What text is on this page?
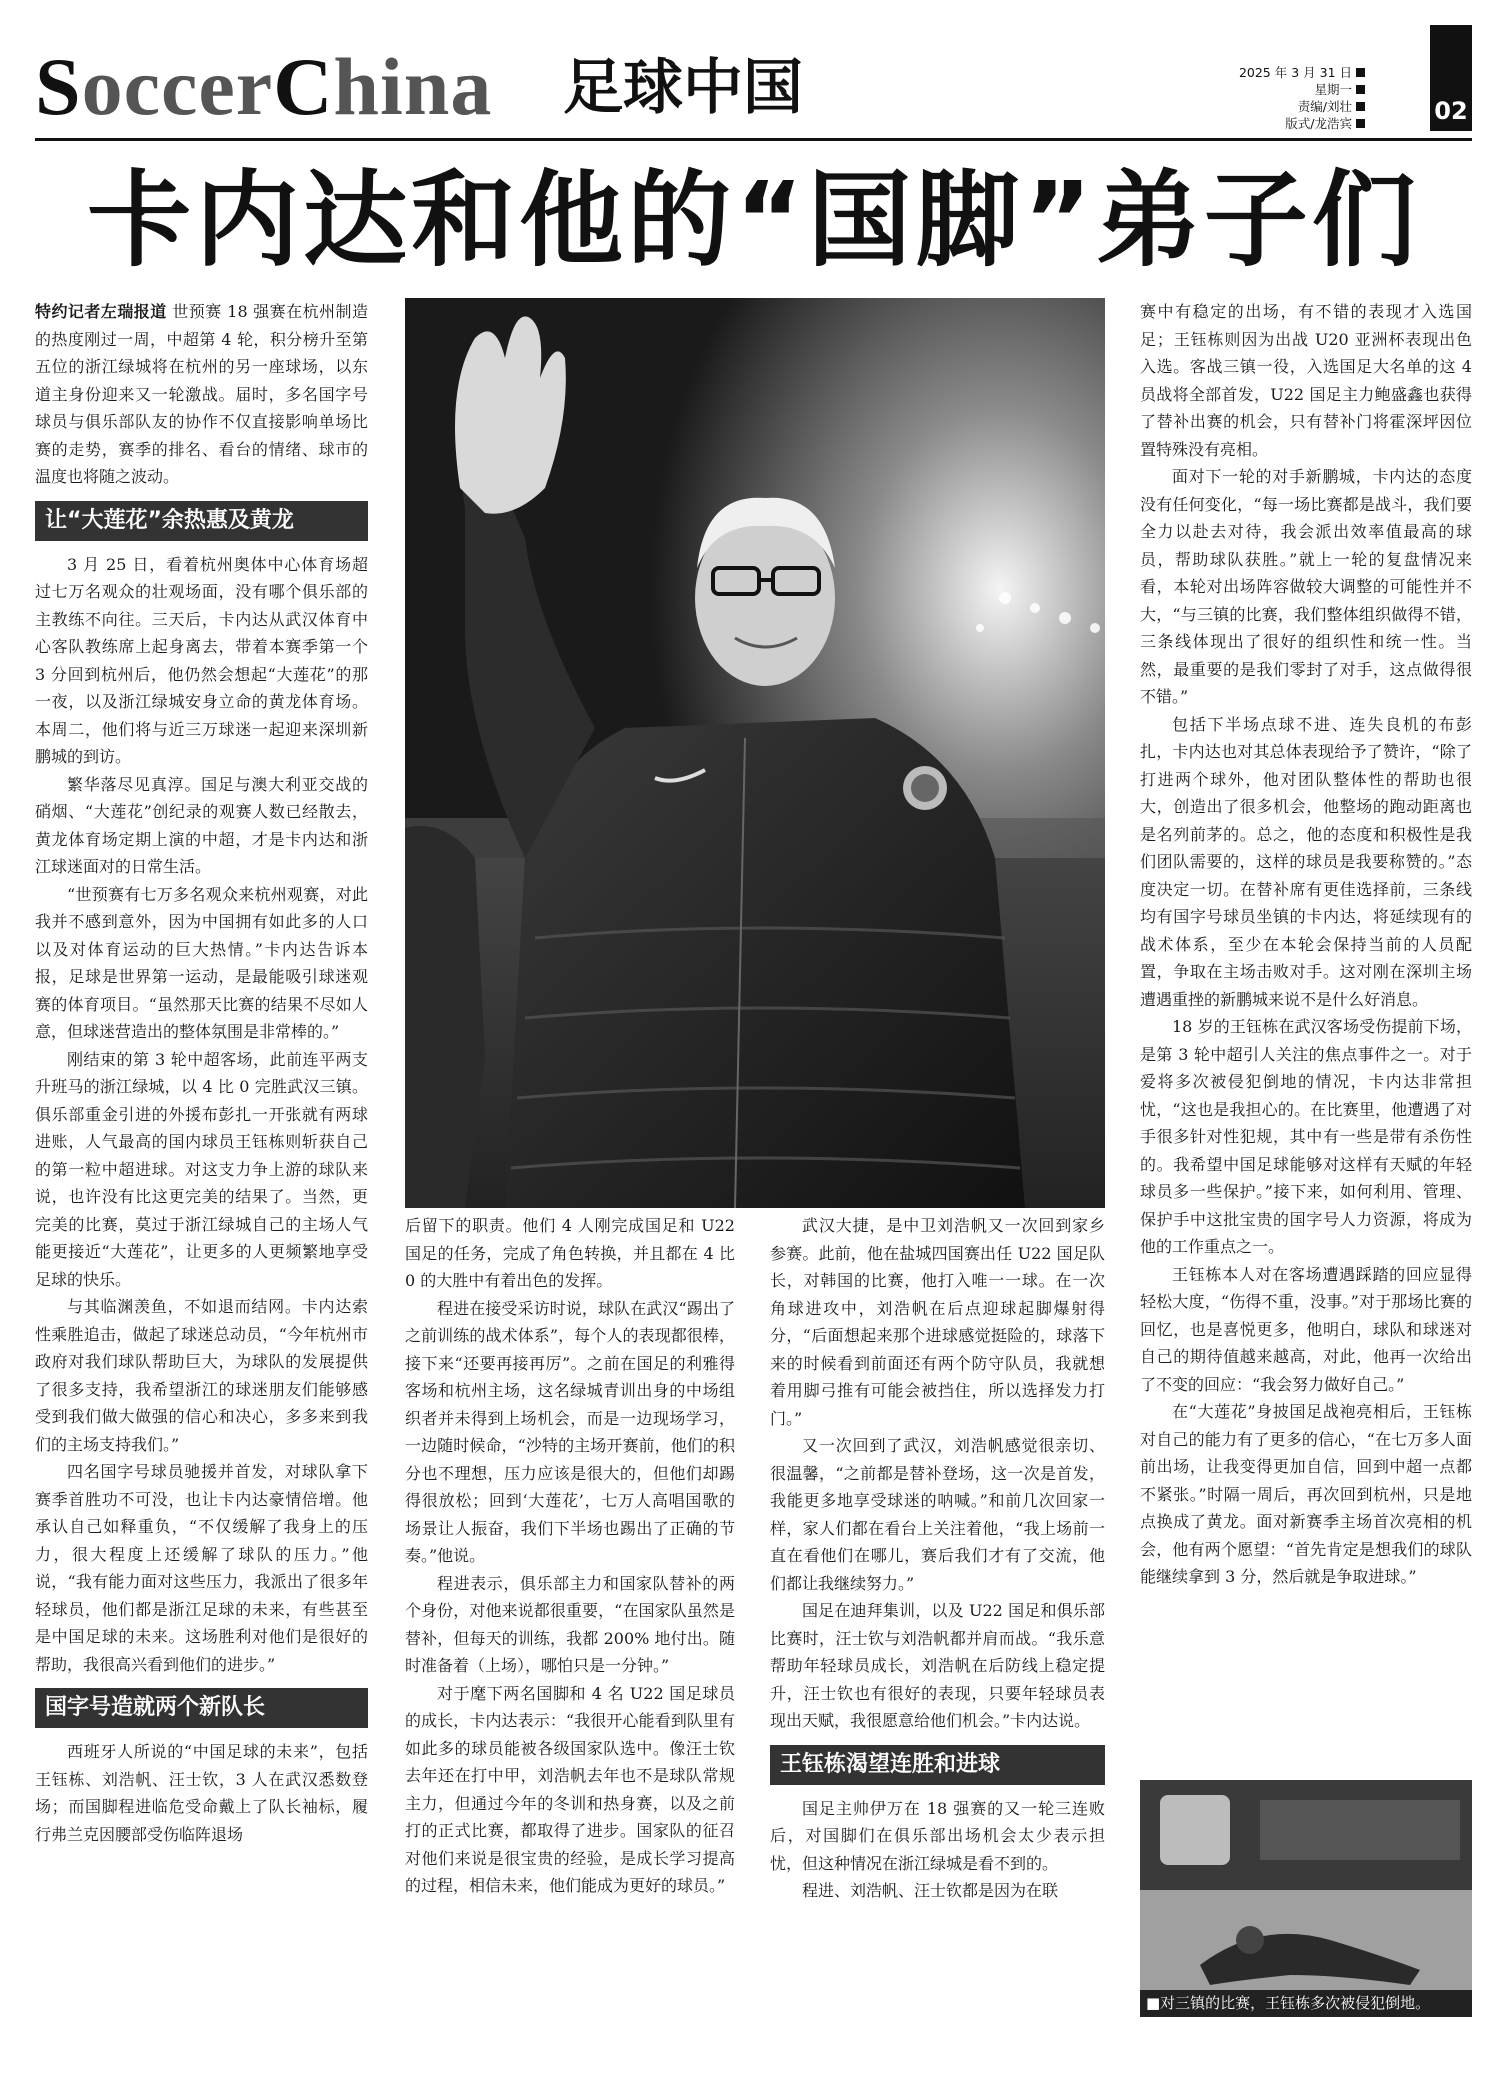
SoccerChina 足球中国	2025 年 3 月 31 日
星期一
责编/刘壮
版式/龙浩宾	02
卡内达和他的“国脚”弟子们

特约记者左瑞报道 世预赛 18 强赛在杭州制造的热度刚过一周，中超第 4 轮，积分榜升至第五位的浙江绿城将在杭州的另一座球场，以东道主身份迎来又一轮激战。届时，多名国字号球员与俱乐部队友的协作不仅直接影响单场比赛的走势，赛季的排名、看台的情绪、球市的温度也将随之波动。

让“大莲花”余热惠及黄龙

3 月 25 日，看着杭州奥体中心体育场超过七万名观众的壮观场面，没有哪个俱乐部的主教练不向往。三天后，卡内达从武汉体育中心客队教练席上起身离去，带着本赛季第一个 3 分回到杭州后，他仍然会想起“大莲花”的那一夜，以及浙江绿城安身立命的黄龙体育场。本周二，他们将与近三万球迷一起迎来深圳新鹏城的到访。

繁华落尽见真淳。国足与澳大利亚交战的硝烟、“大莲花”创纪录的观赛人数已经散去，黄龙体育场定期上演的中超，才是卡内达和浙江球迷面对的日常生活。

“世预赛有七万多名观众来杭州观赛，对此我并不感到意外，因为中国拥有如此多的人口以及对体育运动的巨大热情。”卡内达告诉本报，足球是世界第一运动，是最能吸引球迷观赛的体育项目。“虽然那天比赛的结果不尽如人意，但球迷营造出的整体氛围是非常棒的。”

刚结束的第 3 轮中超客场，此前连平两支升班马的浙江绿城，以 4 比 0 完胜武汉三镇。俱乐部重金引进的外援布彭扎一开张就有两球进账，人气最高的国内球员王钰栋则斩获自己的第一粒中超进球。对这支力争上游的球队来说，也许没有比这更完美的结果了。当然，更完美的比赛，莫过于浙江绿城自己的主场人气能更接近“大莲花”，让更多的人更频繁地享受足球的快乐。

与其临渊羡鱼，不如退而结网。卡内达索性乘胜追击，做起了球迷总动员，“今年杭州市政府对我们球队帮助巨大，为球队的发展提供了很多支持，我希望浙江的球迷朋友们能够感受到我们做大做强的信心和决心，多多来到我们的主场支持我们。”

四名国字号球员驰援并首发，对球队拿下赛季首胜功不可没，也让卡内达豪情倍增。他承认自己如释重负，“不仅缓解了我身上的压力，很大程度上还缓解了球队的压力。”他说，“我有能力面对这些压力，我派出了很多年轻球员，他们都是浙江足球的未来，有些甚至是中国足球的未来。这场胜利对他们是很好的帮助，我很高兴看到他们的进步。”

国字号造就两个新队长

西班牙人所说的“中国足球的未来”，包括王钰栋、刘浩帆、汪士钦，3 人在武汉悉数登场；而国脚程进临危受命戴上了队长袖标，履行弗兰克因腰部受伤临阵退场

后留下的职责。他们 4 人刚完成国足和 U22 国足的任务，完成了角色转换，并且都在 4 比 0 的大胜中有着出色的发挥。

程进在接受采访时说，球队在武汉“踢出了之前训练的战术体系”，每个人的表现都很棒，接下来“还要再接再厉”。之前在国足的利雅得客场和杭州主场，这名绿城青训出身的中场组织者并未得到上场机会，而是一边现场学习，一边随时候命，“沙特的主场开赛前，他们的积分也不理想，压力应该是很大的，但他们却踢得很放松；回到‘大莲花’，七万人高唱国歌的场景让人振奋，我们下半场也踢出了正确的节奏。”他说。

程进表示，俱乐部主力和国家队替补的两个身份，对他来说都很重要，“在国家队虽然是替补，但每天的训练，我都 200% 地付出。随时准备着（上场），哪怕只是一分钟。”

对于麾下两名国脚和 4 名 U22 国足球员的成长，卡内达表示：“我很开心能看到队里有如此多的球员能被各级国家队选中。像汪士钦去年还在打中甲，刘浩帆去年也不是球队常规主力，但通过今年的冬训和热身赛，以及之前打的正式比赛，都取得了进步。国家队的征召对他们来说是很宝贵的经验，是成长学习提高的过程，相信未来，他们能成为更好的球员。”

武汉大捷，是中卫刘浩帆又一次回到家乡参赛。此前，他在盐城四国赛出任 U22 国足队长，对韩国的比赛，他打入唯一一球。在一次角球进攻中，刘浩帆在后点迎球起脚爆射得分，“后面想起来那个进球感觉挺险的，球落下来的时候看到前面还有两个防守队员，我就想着用脚弓推有可能会被挡住，所以选择发力打门。”

又一次回到了武汉，刘浩帆感觉很亲切、很温馨，“之前都是替补登场，这一次是首发，我能更多地享受球迷的呐喊。”和前几次回家一样，家人们都在看台上关注着他，“我上场前一直在看他们在哪儿，赛后我们才有了交流，他们都让我继续努力。”

国足在迪拜集训，以及 U22 国足和俱乐部比赛时，汪士钦与刘浩帆都并肩而战。“我乐意帮助年轻球员成长，刘浩帆在后防线上稳定提升，汪士钦也有很好的表现，只要年轻球员表现出天赋，我很愿意给他们机会。”卡内达说。

王钰栋渴望连胜和进球

国足主帅伊万在 18 强赛的又一轮三连败后，对国脚们在俱乐部出场机会太少表示担忧，但这种情况在浙江绿城是看不到的。

程进、刘浩帆、汪士钦都是因为在联

赛中有稳定的出场，有不错的表现才入选国足；王钰栋则因为出战 U20 亚洲杯表现出色入选。客战三镇一役，入选国足大名单的这 4 员战将全部首发，U22 国足主力鲍盛鑫也获得了替补出赛的机会，只有替补门将霍深坪因位置特殊没有亮相。

面对下一轮的对手新鹏城，卡内达的态度没有任何变化，“每一场比赛都是战斗，我们要全力以赴去对待，我会派出效率值最高的球员，帮助球队获胜。”就上一轮的复盘情况来看，本轮对出场阵容做较大调整的可能性并不大，“与三镇的比赛，我们整体组织做得不错，三条线体现出了很好的组织性和统一性。当然，最重要的是我们零封了对手，这点做得很不错。”

包括下半场点球不进、连失良机的布彭扎，卡内达也对其总体表现给予了赞许，“除了打进两个球外，他对团队整体性的帮助也很大，创造出了很多机会，他整场的跑动距离也是名列前茅的。总之，他的态度和积极性是我们团队需要的，这样的球员是我要称赞的。”态度决定一切。在替补席有更佳选择前，三条线均有国字号球员坐镇的卡内达，将延续现有的战术体系，至少在本轮会保持当前的人员配置，争取在主场击败对手。这对刚在深圳主场遭遇重挫的新鹏城来说不是什么好消息。

18 岁的王钰栋在武汉客场受伤提前下场，是第 3 轮中超引人关注的焦点事件之一。对于爱将多次被侵犯倒地的情况，卡内达非常担忧，“这也是我担心的。在比赛里，他遭遇了对手很多针对性犯规，其中有一些是带有杀伤性的。我希望中国足球能够对这样有天赋的年轻球员多一些保护。”接下来，如何利用、管理、保护手中这批宝贵的国字号人力资源，将成为他的工作重点之一。

王钰栋本人对在客场遭遇踩踏的回应显得轻松大度，“伤得不重，没事。”对于那场比赛的回忆，也是喜悦更多，他明白，球队和球迷对自己的期待值越来越高，对此，他再一次给出了不变的回应：“我会努力做好自己。”

在“大莲花”身披国足战袍亮相后，王钰栋对自己的能力有了更多的信心，“在七万多人面前出场，让我变得更加自信，回到中超一点都不紧张。”时隔一周后，再次回到杭州，只是地点换成了黄龙。面对新赛季主场首次亮相的机会，他有两个愿望：“首先肯定是想我们的球队能继续拿到 3 分，然后就是争取进球。”

■对三镇的比赛，王钰栋多次被侵犯倒地。
